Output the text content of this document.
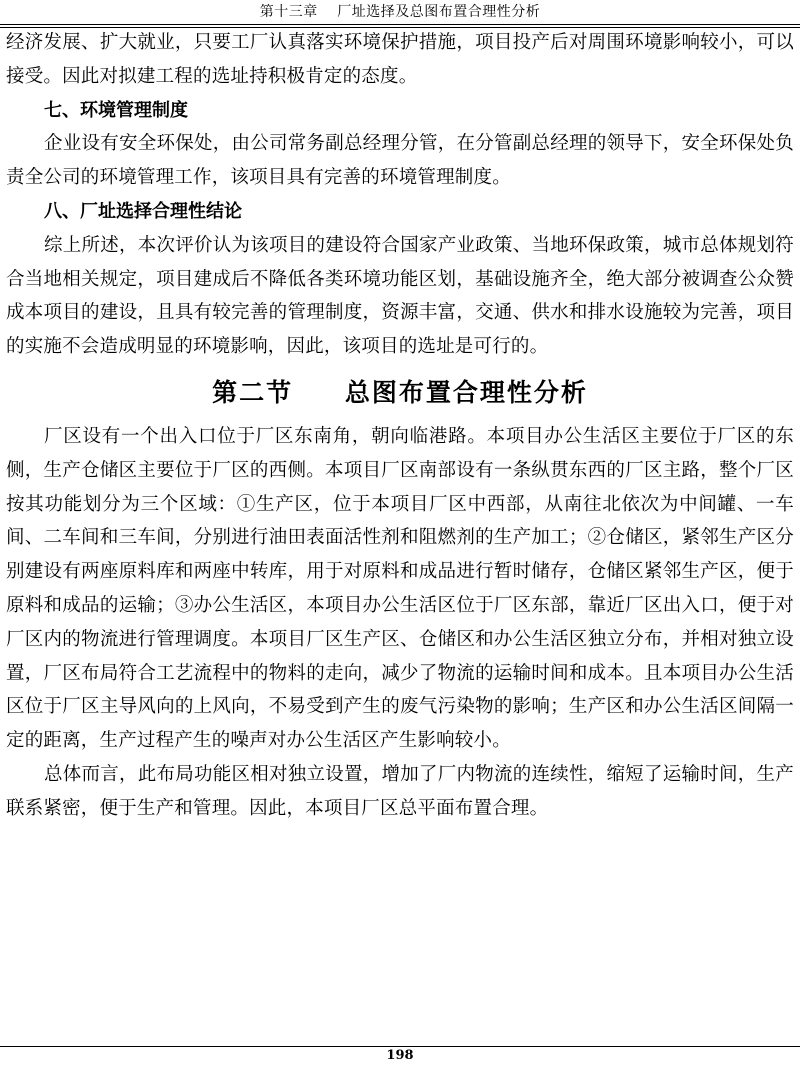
第十三章　 厂址选择及总图布置合理性分析

经济发展、扩大就业，只要工厂认真落实环境保护措施，项目投产后对周围环境影响较小，可以接受。因此对拟建工程的选址持积极肯定的态度。

七、环境管理制度

企业设有安全环保处，由公司常务副总经理分管，在分管副总经理的领导下，安全环保处负责全公司的环境管理工作，该项目具有完善的环境管理制度。

八、厂址选择合理性结论

综上所述，本次评价认为该项目的建设符合国家产业政策、当地环保政策，城市总体规划符合当地相关规定，项目建成后不降低各类环境功能区划，基础设施齐全，绝大部分被调查公众赞成本项目的建设，且具有较完善的管理制度，资源丰富，交通、供水和排水设施较为完善，项目的实施不会造成明显的环境影响，因此，该项目的选址是可行的。

第二节　 总图布置合理性分析

厂区设有一个出入口位于厂区东南角，朝向临港路。本项目办公生活区主要位于厂区的东侧，生产仓储区主要位于厂区的西侧。本项目厂区南部设有一条纵贯东西的厂区主路，整个厂区按其功能划分为三个区域：①生产区，位于本项目厂区中西部，从南往北依次为中间罐、一车间、二车间和三车间，分别进行油田表面活性剂和阻燃剂的生产加工；②仓储区，紧邻生产区分别建设有两座原料库和两座中转库，用于对原料和成品进行暂时储存，仓储区紧邻生产区，便于原料和成品的运输；③办公生活区，本项目办公生活区位于厂区东部，靠近厂区出入口，便于对厂区内的物流进行管理调度。本项目厂区生产区、仓储区和办公生活区独立分布，并相对独立设置，厂区布局符合工艺流程中的物料的走向，减少了物流的运输时间和成本。且本项目办公生活区位于厂区主导风向的上风向，不易受到产生的废气污染物的影响；生产区和办公生活区间隔一定的距离，生产过程产生的噪声对办公生活区产生影响较小。

总体而言，此布局功能区相对独立设置，增加了厂内物流的连续性，缩短了运输时间，生产联系紧密，便于生产和管理。因此，本项目厂区总平面布置合理。

198
